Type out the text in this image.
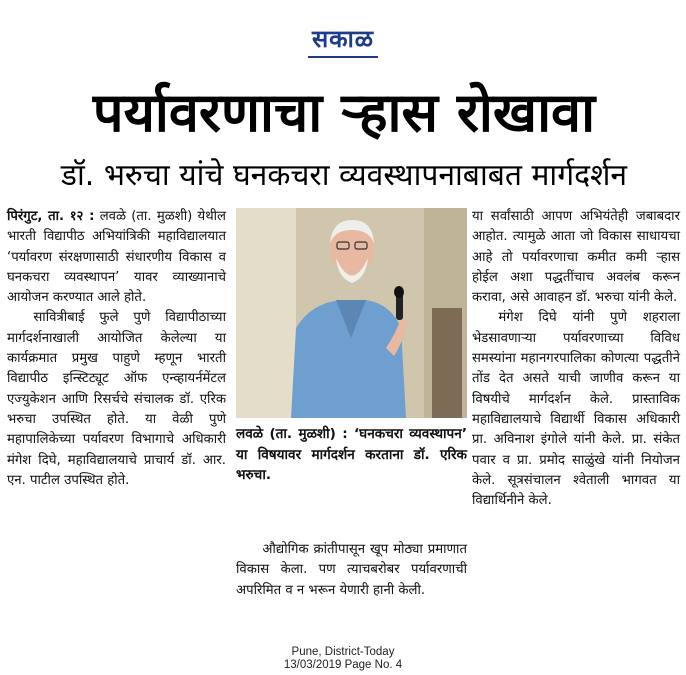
सकाळ
पर्यावरणाचा ऱ्हास रोखावा
डॉ. भरुचा यांचे घनकचरा व्यवस्थापनाबाबत मार्गदर्शन

पिरंगुट, ता. १२ : लवळे (ता. मुळशी) येथील भारती विद्यापीठ अभियांत्रिकी महाविद्यालयात ‘पर्यावरण संरक्षणासाठी संधारणीय विकास व घनकचरा व्यवस्थापन’ यावर व्याख्यानाचे आयोजन करण्यात आले होते.

सावित्रीबाई फुले पुणे विद्यापीठाच्या मार्गदर्शनाखाली आयोजित केलेल्या या कार्यक्रमात प्रमुख पाहुणे म्हणून भारती विद्यापीठ इन्स्टिट्यूट ऑफ एन्व्हायर्नमेंटल एज्युकेशन आणि रिसर्चचे संचालक डॉ. एरिक भरुचा उपस्थित होते. या वेळी पुणे महापालिकेच्या पर्यावरण विभागाचे अधिकारी मंगेश दिघे, महाविद्यालयाचे प्राचार्य डॉ. आर. एन. पाटील उपस्थित होते.

लवळे (ता. मुळशी) : ‘घनकचरा व्यवस्थापन’ या विषयावर मार्गदर्शन करताना डॉ. एरिक भरुचा.

औद्योगिक क्रांतीपासून खूप मोठ्या प्रमाणात विकास केला. पण त्याचबरोबर पर्यावरणाची अपरिमित व न भरून येणारी हानी केली.

या सर्वांसाठी आपण अभियंतेही जबाबदार आहोत. त्यामुळे आता जो विकास साधायचा आहे तो पर्यावरणाचा कमीत कमी ऱ्हास होईल अशा पद्धतींचाच अवलंब करून करावा, असे आवाहन डॉ. भरुचा यांनी केले.

मंगेश दिघे यांनी पुणे शहराला भेडसावणाऱ्या पर्यावरणाच्या विविध समस्यांना महानगरपालिका कोणत्या पद्धतीने तोंड देत असते याची जाणीव करून या विषयीचे मार्गदर्शन केले. प्रास्ताविक महाविद्यालयाचे विद्यार्थी विकास अधिकारी प्रा. अविनाश इंगोले यांनी केले. प्रा. संकेत पवार व प्रा. प्रमोद साळुंखे यांनी नियोजन केले. सूत्रसंचालन श्वेताली भागवत या विद्यार्थिनीने केले.

Pune, District-Today
13/03/2019 Page No. 4
